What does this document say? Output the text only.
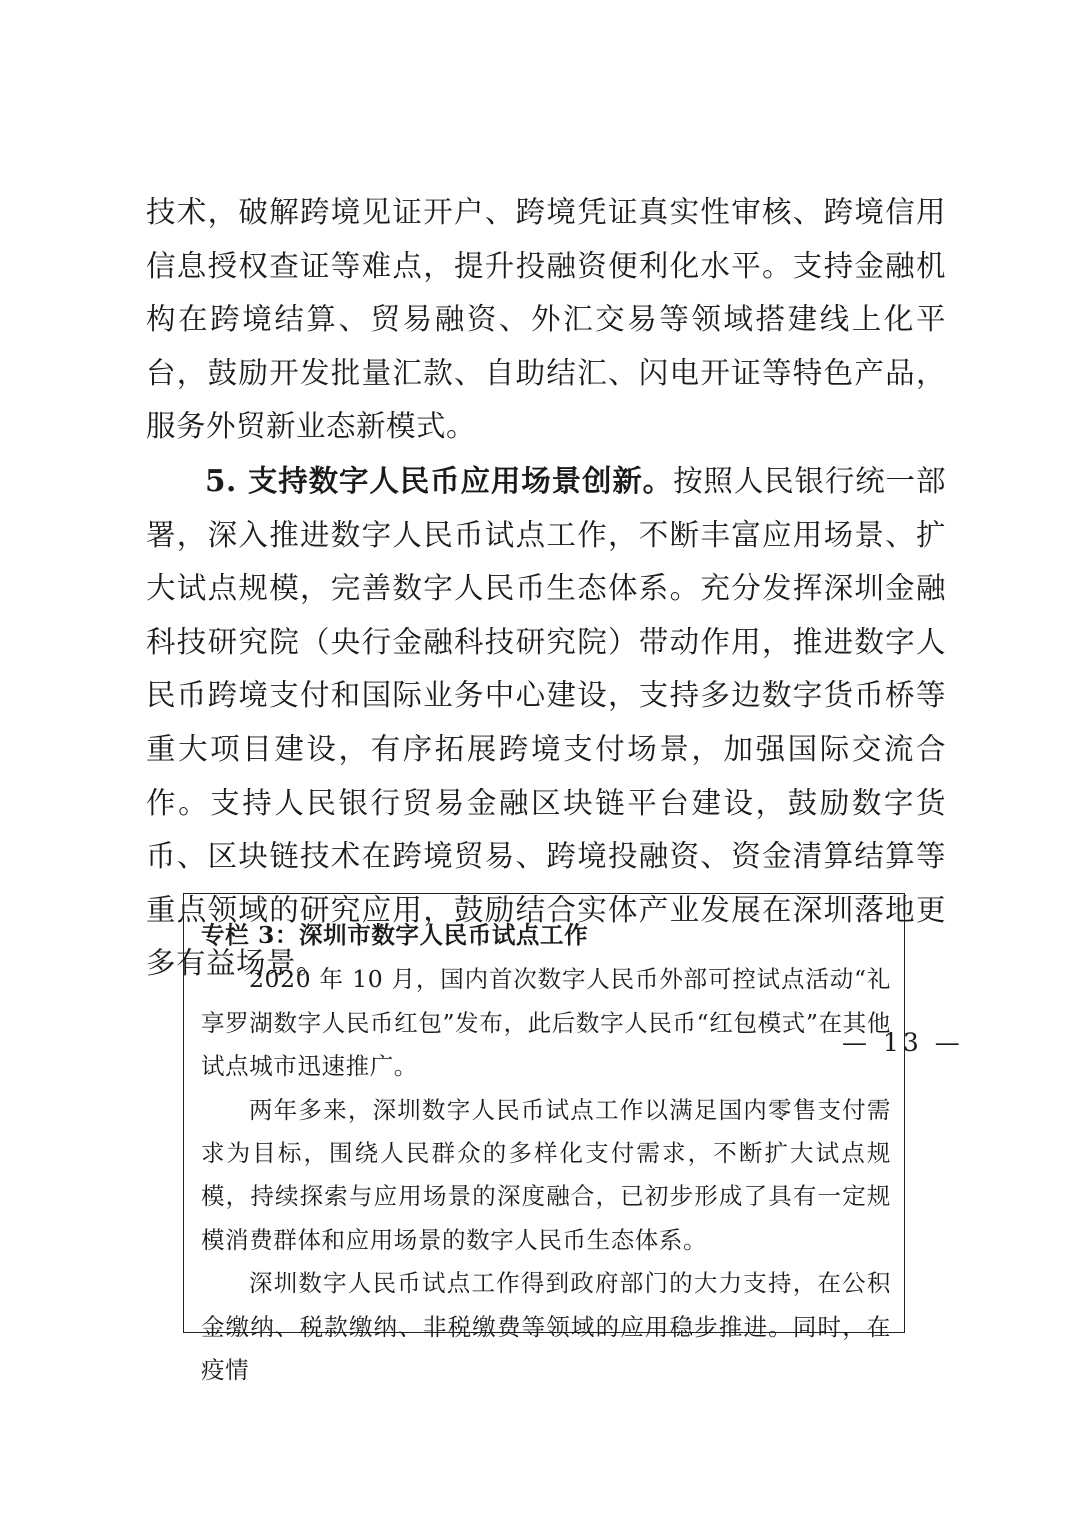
技术，破解跨境见证开户、跨境凭证真实性审核、跨境信用信息授权查证等难点，提升投融资便利化水平。支持金融机构在跨境结算、贸易融资、外汇交易等领域搭建线上化平台，鼓励开发批量汇款、自助结汇、闪电开证等特色产品，服务外贸新业态新模式。

5. 支持数字人民币应用场景创新。按照人民银行统一部署，深入推进数字人民币试点工作，不断丰富应用场景、扩大试点规模，完善数字人民币生态体系。充分发挥深圳金融科技研究院（央行金融科技研究院）带动作用，推进数字人民币跨境支付和国际业务中心建设，支持多边数字货币桥等重大项目建设，有序拓展跨境支付场景，加强国际交流合作。支持人民银行贸易金融区块链平台建设，鼓励数字货币、区块链技术在跨境贸易、跨境投融资、资金清算结算等重点领域的研究应用，鼓励结合实体产业发展在深圳落地更多有益场景。

专栏 3：深圳市数字人民币试点工作

2020 年 10 月，国内首次数字人民币外部可控试点活动“礼享罗湖数字人民币红包”发布，此后数字人民币“红包模式”在其他试点城市迅速推广。

两年多来，深圳数字人民币试点工作以满足国内零售支付需求为目标，围绕人民群众的多样化支付需求，不断扩大试点规模，持续探索与应用场景的深度融合，已初步形成了具有一定规模消费群体和应用场景的数字人民币生态体系。

深圳数字人民币试点工作得到政府部门的大力支持，在公积金缴纳、税款缴纳、非税缴费等领域的应用稳步推进。同时，在疫情

— 13 —
